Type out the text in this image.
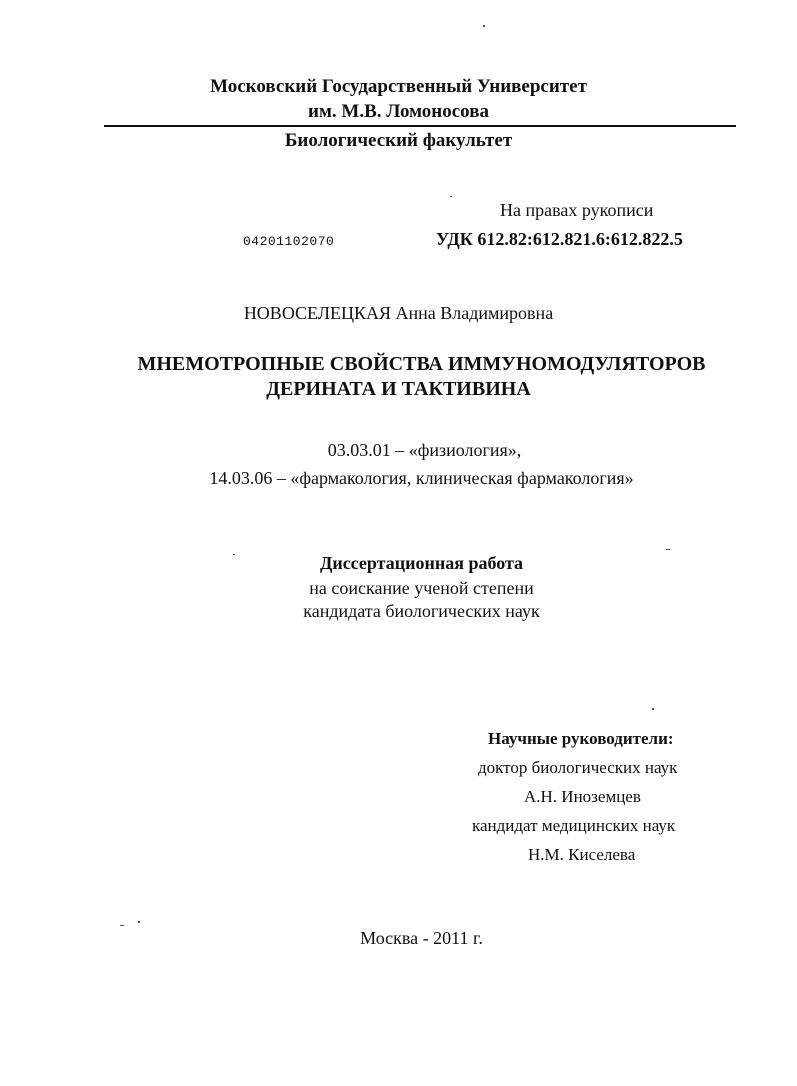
Московский Государственный Университет
им. М.В. Ломоносова
Биологический факультет
На правах рукописи
04201102070	УДК 612.82:612.821.6:612.822.5
НОВОСЕЛЕЦКАЯ Анна Владимировна
МНЕМОТРОПНЫЕ СВОЙСТВА ИММУНОМОДУЛЯТОРОВ
ДЕРИНАТА И ТАКТИВИНА
03.03.01 – «физиология»,
14.03.06 – «фармакология, клиническая фармакология»
Диссертационная работа
на соискание ученой степени
кандидата биологических наук
Научные руководители:
доктор биологических наук
А.Н. Иноземцев
кандидат медицинских наук
Н.М. Киселева
Москва - 2011 г.
